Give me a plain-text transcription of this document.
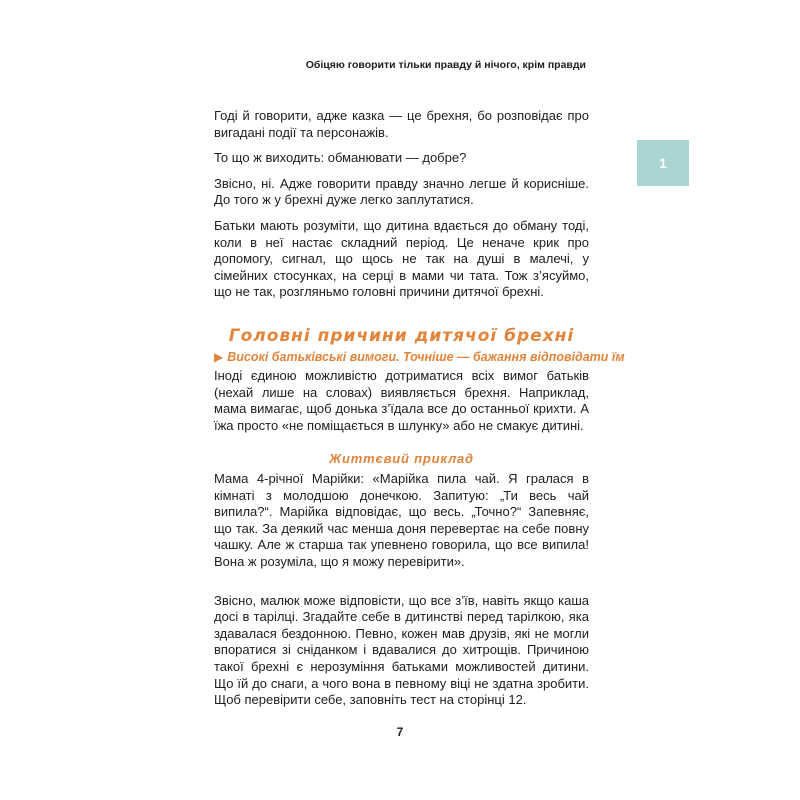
Обіцяю говорити тільки правду й нічого, крім правди
1

Годі й говорити, адже казка — це брехня, бо розповідає про вигадані події та персонажів.

То що ж виходить: обманювати — добре?

Звісно, ні. Адже говорити правду значно легше й корисніше. До того ж у брехні дуже легко заплутатися.

Батьки мають розуміти, що дитина вдається до обману тоді, коли в неї настає складний період. Це неначе крик про допомогу, сигнал, що щось не так на душі в малечі, у сімейних стосунках, на серці в мами чи тата. Тож з’ясуймо, що не так, розгляньмо головні причини дитячої брехні.

Головні причини дитячої брехні
▶ Високі батьківські вимоги. Точніше — бажання відповідати їм

Іноді єдиною можливістю дотриматися всіх вимог батьків (нехай лише на словах) виявляється брехня. Наприклад, мама вимагає, щоб донька з’їдала все до останньої крихти. А їжа просто «не поміщається в шлунку» або не смакує дитині.

Життєвий приклад

Мама 4-річної Марійки: «Марійка пила чай. Я гралася в кімнаті з молодшою донечкою. Запитую: „Ти весь чай випила?“. Марійка відповідає, що весь. „Точно?“ Запевняє, що так. За деякий час менша доня перевертає на себе повну чашку. Але ж старша так упевнено говорила, що все випила! Вона ж розуміла, що я можу перевірити».

Звісно, малюк може відповісти, що все з’їв, навіть якщо каша досі в тарілці. Згадайте себе в дитинстві перед тарілкою, яка здавалася бездонною. Певно, кожен мав друзів, які не могли впоратися зі сніданком і вдавалися до хитрощів. Причиною такої брехні є нерозуміння батьками можливостей дитини. Що їй до снаги, а чого вона в певному віці не здатна зробити. Щоб перевірити себе, заповніть тест на сторінці 12.

7
